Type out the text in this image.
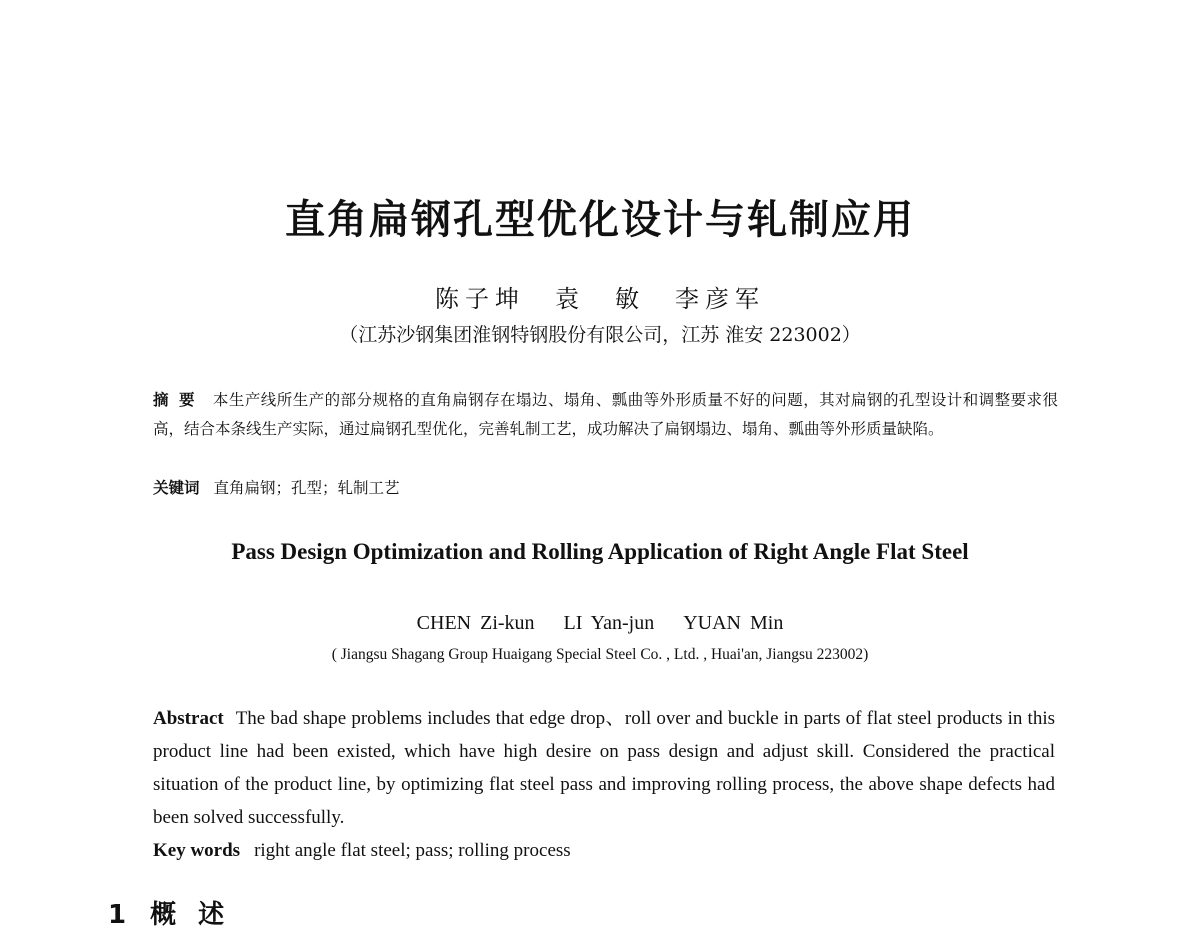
直角扁钢孔型优化设计与轧制应用
陈子坤　袁　敏　李彦军
（江苏沙钢集团淮钢特钢股份有限公司，江苏 淮安 223002）
摘要 本生产线所生产的部分规格的直角扁钢存在塌边、塌角、瓢曲等外形质量不好的问题，其对扁钢的孔型设计和调整要求很高，结合本条线生产实际，通过扁钢孔型优化，完善轧制工艺，成功解决了扁钢塌边、塌角、瓢曲等外形质量缺陷。
关键词 直角扁钢；孔型；轧制工艺
Pass Design Optimization and Rolling Application of Right Angle Flat Steel
CHEN Zi-kun LI Yan-jun YUAN Min
( Jiangsu Shagang Group Huaigang Special Steel Co. , Ltd. , Huai'an, Jiangsu 223002)
Abstract The bad shape problems includes that edge drop、roll over and buckle in parts of flat steel products in this product line had been existed, which have high desire on pass design and adjust skill. Considered the practical situation of the product line, by optimizing flat steel pass and improving rolling process, the above shape defects had been solved successfully.
Key words right angle flat steel; pass; rolling process
1 概述
